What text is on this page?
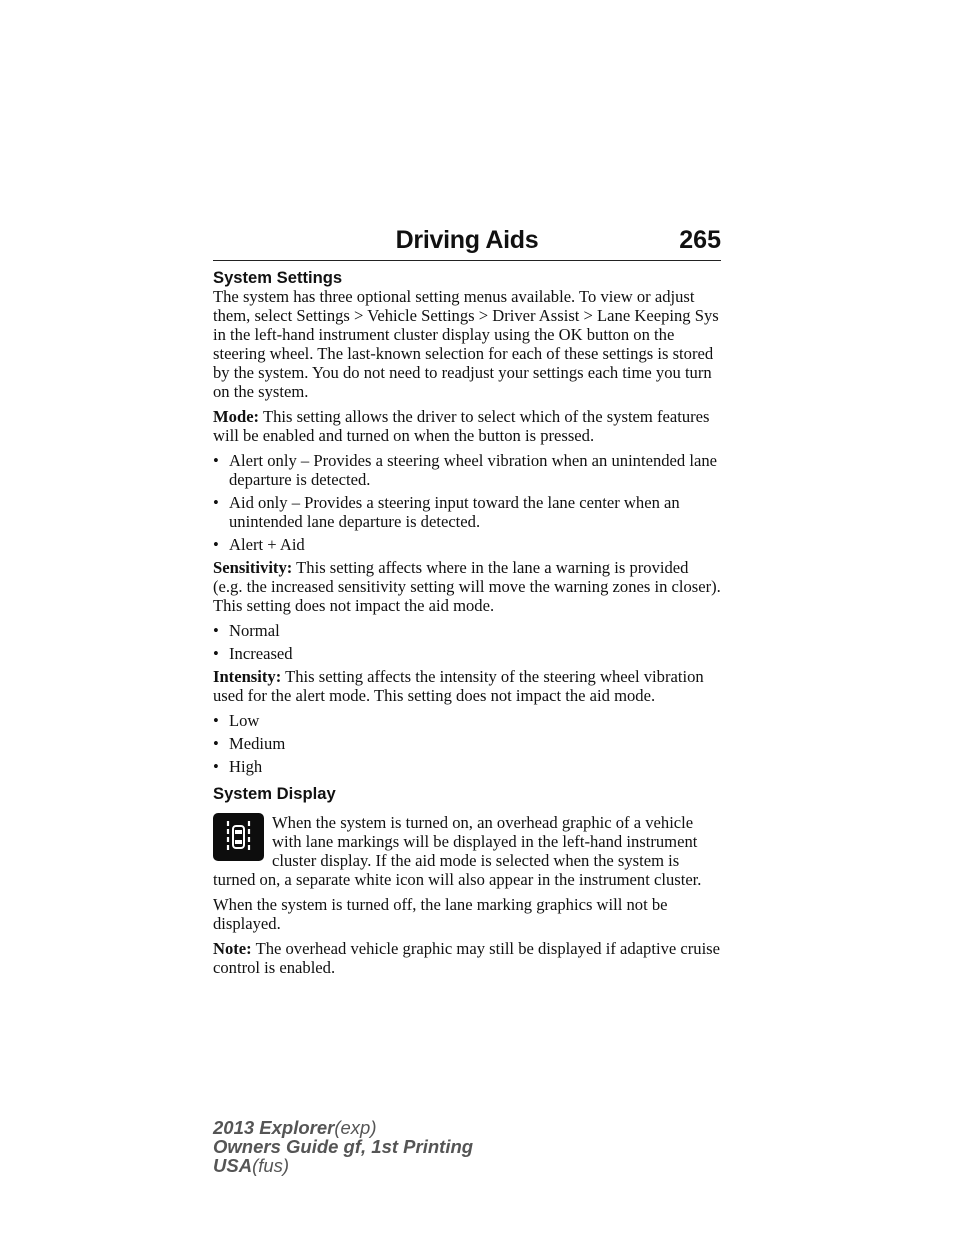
Driving Aids	265

System Settings

The system has three optional setting menus available. To view or adjust them, select Settings > Vehicle Settings > Driver Assist > Lane Keeping Sys in the left-hand instrument cluster display using the OK button on the steering wheel. The last-known selection for each of these settings is stored by the system. You do not need to readjust your settings each time you turn on the system.

Mode: This setting allows the driver to select which of the system features will be enabled and turned on when the button is pressed.

• Alert only – Provides a steering wheel vibration when an unintended lane departure is detected.
• Aid only – Provides a steering input toward the lane center when an unintended lane departure is detected.
• Alert + Aid

Sensitivity: This setting affects where in the lane a warning is provided (e.g. the increased sensitivity setting will move the warning zones in closer). This setting does not impact the aid mode.

• Normal
• Increased

Intensity: This setting affects the intensity of the steering wheel vibration used for the alert mode. This setting does not impact the aid mode.

• Low
• Medium
• High

System Display

When the system is turned on, an overhead graphic of a vehicle with lane markings will be displayed in the left-hand instrument cluster display. If the aid mode is selected when the system is turned on, a separate white icon will also appear in the instrument cluster.

When the system is turned off, the lane marking graphics will not be displayed.

Note: The overhead vehicle graphic may still be displayed if adaptive cruise control is enabled.

2013 Explorer(exp)
Owners Guide gf, 1st Printing
USA(fus)
